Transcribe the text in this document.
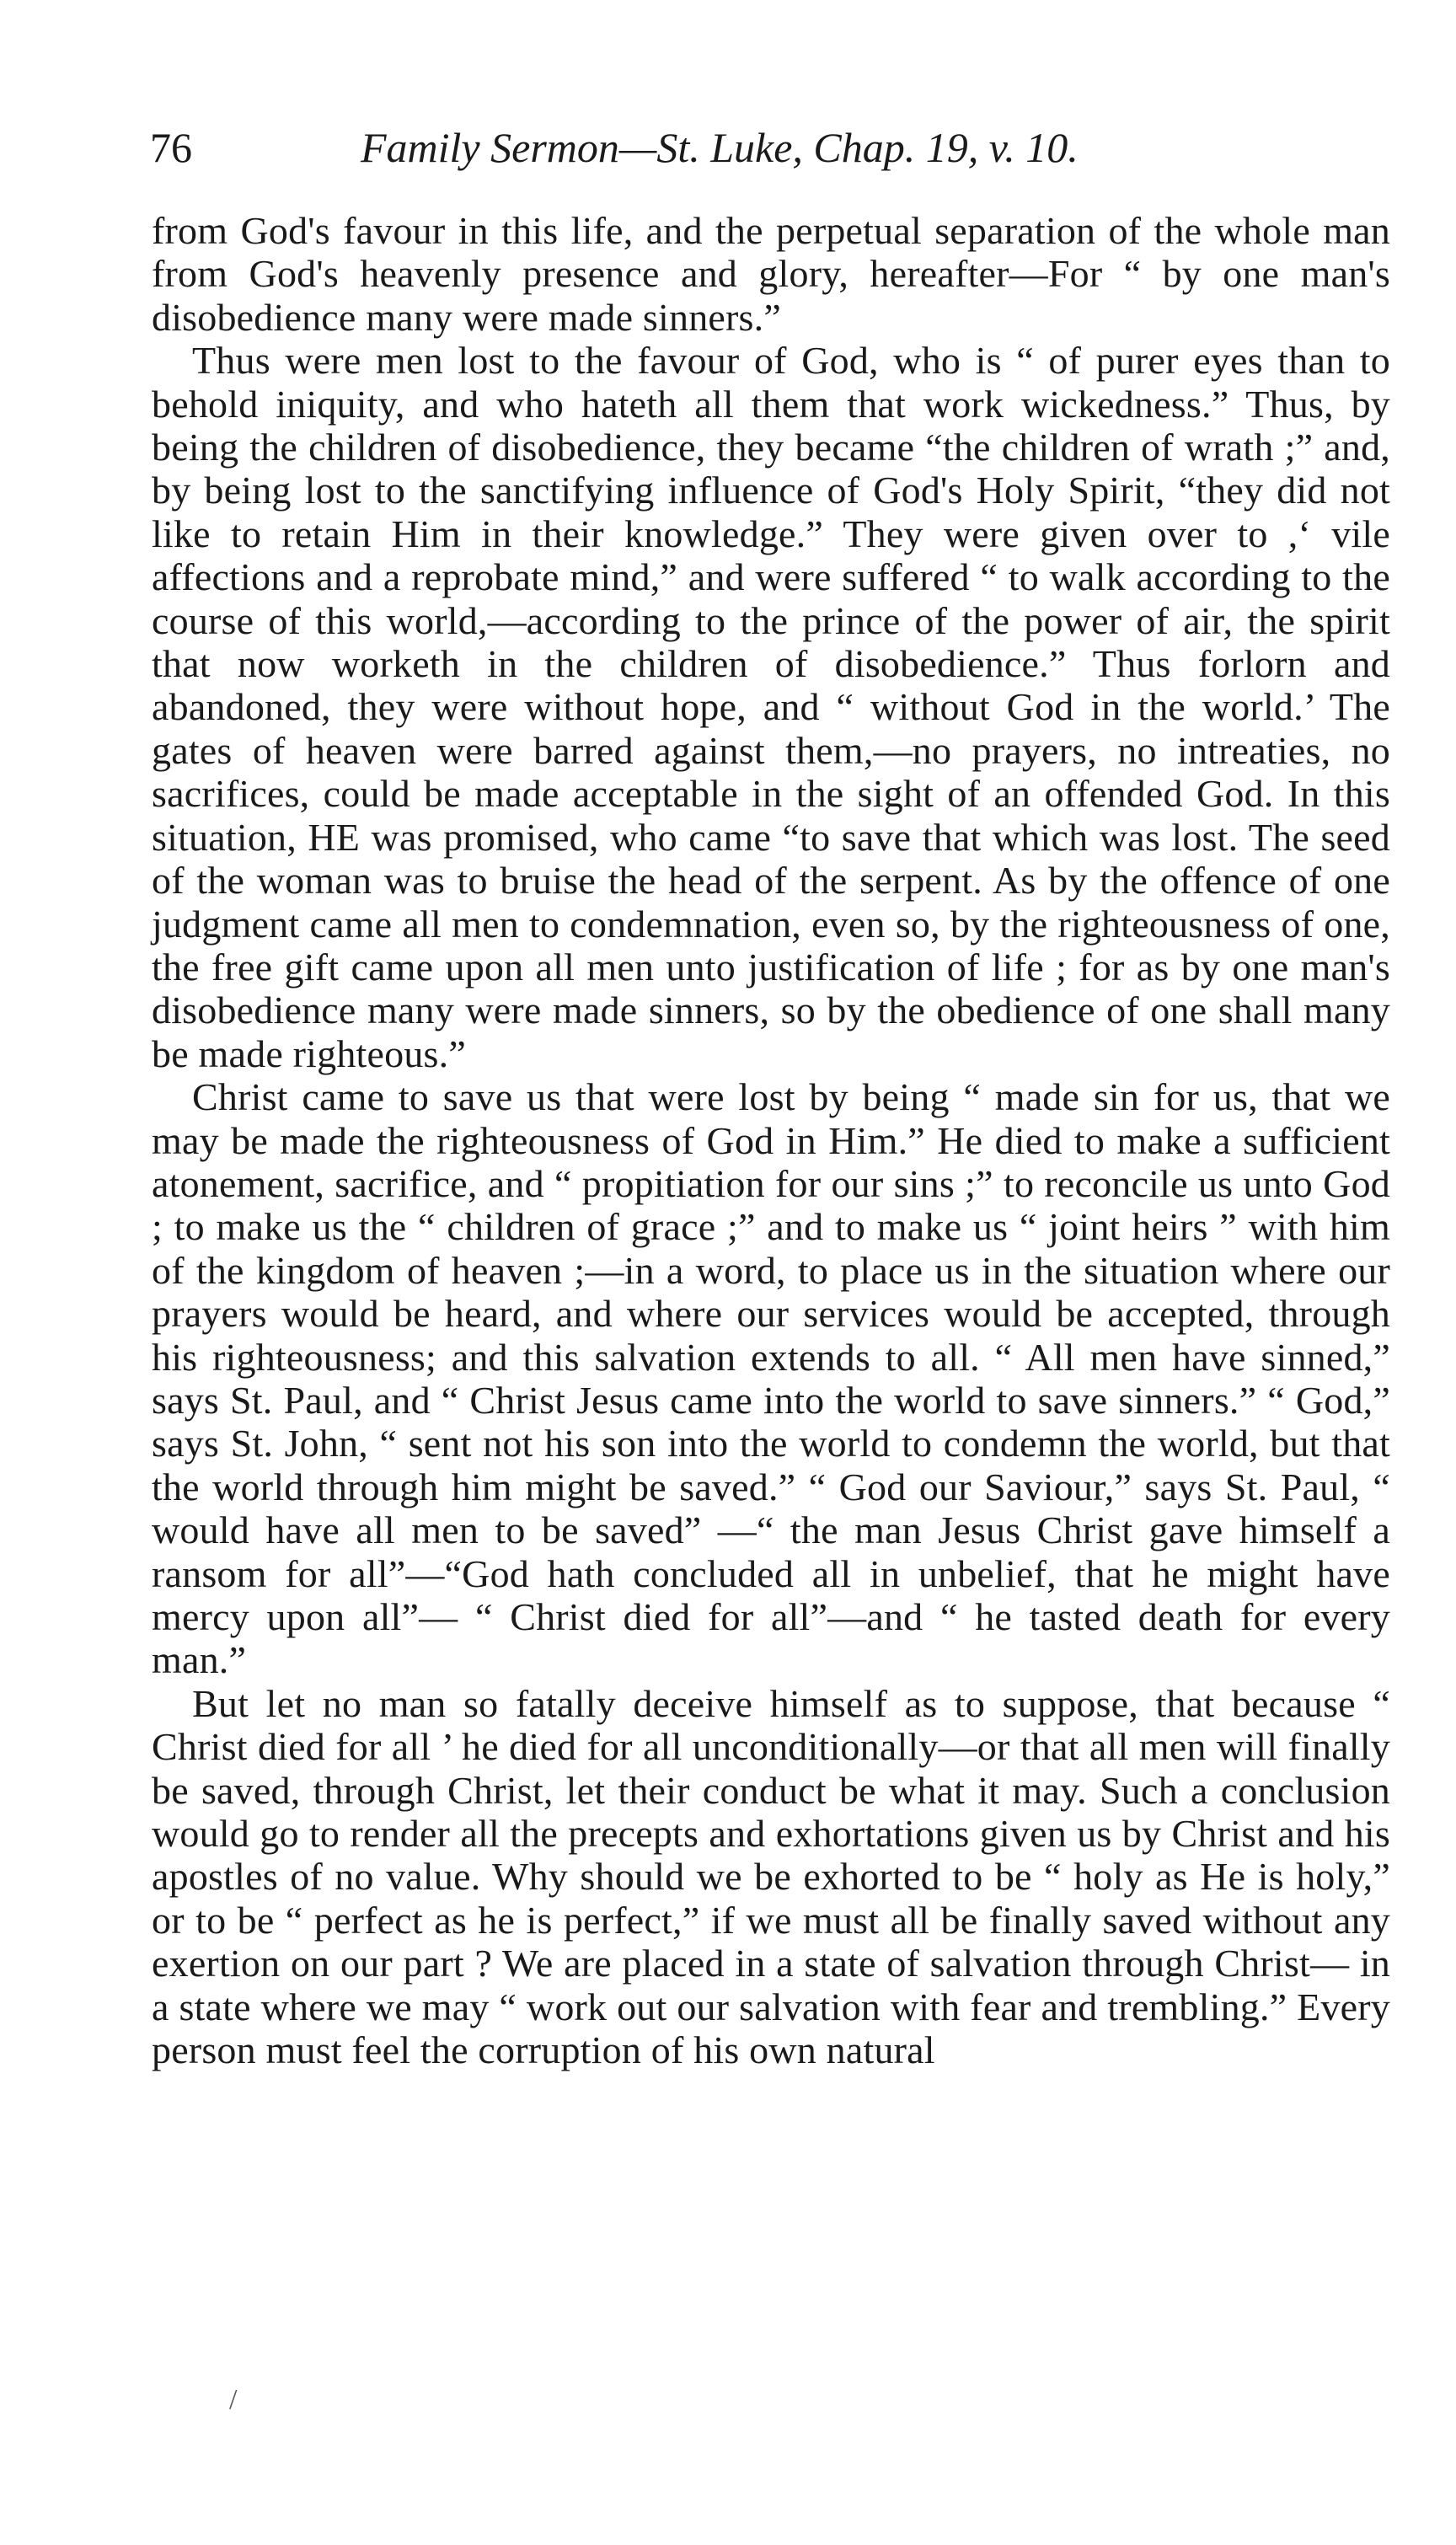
76	Family Sermon—St. Luke, Chap. 19, v. 10.

from God's favour in this life, and the perpetual separation of the whole man from God's heavenly presence and glory, hereafter—For “ by one man's disobedience many were made sinners.”

Thus were men lost to the favour of God, who is “ of purer eyes than to behold iniquity, and who hateth all them that work wickedness.” Thus, by being the children of disobedience, they became “the children of wrath ;” and, by being lost to the sanctifying influence of God's Holy Spirit, “they did not like to retain Him in their knowledge.” They were given over to ,‘ vile affections and a reprobate mind,” and were suffered “ to walk according to the course of this world,—according to the prince of the power of air, the spirit that now worketh in the children of disobedience.” Thus forlorn and abandoned, they were without hope, and “ without God in the world.’ The gates of heaven were barred against them,—no prayers, no intreaties, no sacrifices, could be made acceptable in the sight of an offended God. In this situation, HE was promised, who came “to save that which was lost. The seed of the woman was to bruise the head of the serpent. As by the offence of one judgment came all men to condemnation, even so, by the righteousness of one, the free gift came upon all men unto justification of life ; for as by one man's disobedience many were made sinners, so by the obedience of one shall many be made righteous.”

Christ came to save us that were lost by being “ made sin for us, that we may be made the righteousness of God in Him.” He died to make a sufficient atonement, sacrifice, and “ propitiation for our sins ;” to reconcile us unto God ; to make us the “ children of grace ;” and to make us “ joint heirs ” with him of the kingdom of heaven ;—in a word, to place us in the situation where our prayers would be heard, and where our services would be accepted, through his righteousness; and this salvation extends to all. “ All men have sinned,” says St. Paul, and “ Christ Jesus came into the world to save sinners.” “ God,” says St. John, “ sent not his son into the world to condemn the world, but that the world through him might be saved.” “ God our Saviour,” says St. Paul, “ would have all men to be saved” —“ the man Jesus Christ gave himself a ransom for all”—“God hath concluded all in unbelief, that he might have mercy upon all”— “ Christ died for all”—and “ he tasted death for every man.”

But let no man so fatally deceive himself as to suppose, that because “ Christ died for all ’ he died for all unconditionally—or that all men will finally be saved, through Christ, let their conduct be what it may. Such a conclusion would go to render all the precepts and exhortations given us by Christ and his apostles of no value. Why should we be exhorted to be “ holy as He is holy,” or to be “ perfect as he is perfect,” if we must all be finally saved without any exertion on our part ? We are placed in a state of salvation through Christ— in a state where we may “ work out our salvation with fear and trembling.” Every person must feel the corruption of his own natural

/
